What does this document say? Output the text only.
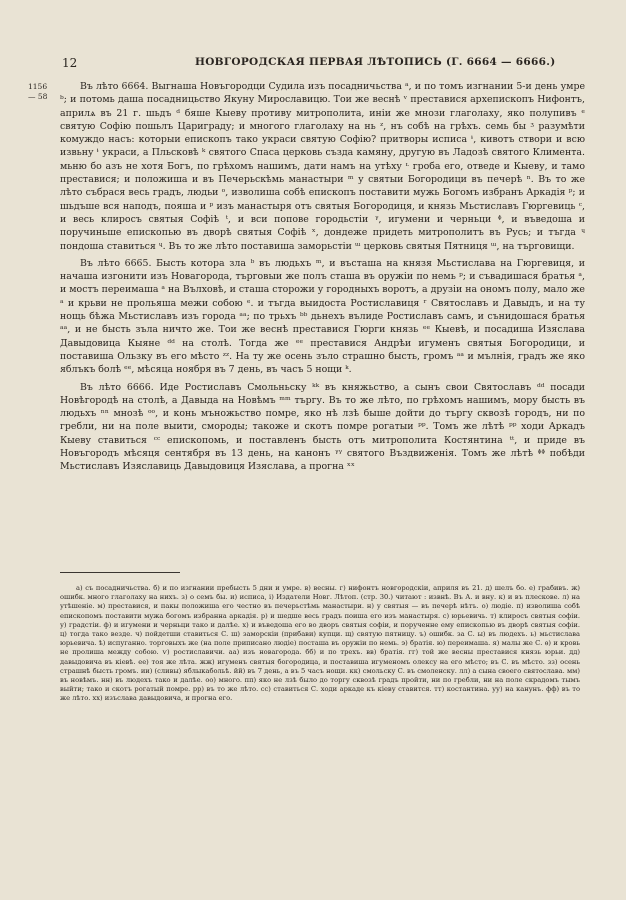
12	НОВГОРОДСКАЯ ПЕРВАЯ ЛѢТОПИСЬ (Г. 6664 — 6666.)
1156
— 58

Въ лѣто 6664. Выгнаша Новъгородци Судила изъ посадничьства ᵃ, и по томъ изгнании 5-и день умре ᵇ; и потомь даша посадницьство Якуну Мирославицю. Тои же веснѣ ᵛ преставися архепископъ Нифонтъ, априлѧ въ 21 г. шьдъ ᵈ бяше Кыеву противу митрополита, инiи же мнози глаголаху, яко полупивъ ᵉ святую Софiю пошьлъ Цариграду; и многого глаголаху на нь ᶻ, нъ собѣ на грѣхъ. семь бы ᶾ разумѣти комуждо насъ: которыи епископъ тако украси святую Софiю? притворы исписа ᶤ, кивотъ створи и всю извьну ᶤ украси, а Пльсковѣ ᵏ святого Спаса церковь създа камяну, другую въ Ладозѣ святого Климента. мьню бо азъ не хотя Богъ, по грѣхомъ нашимъ, дати намъ на утѣху ᶫ гроба его, отведе и Кыеву, и тамо преставися; и положиша и въ Печерьскѣмь манастыри ᵐ у святыи Богородици въ печерѣ ⁿ. Въ то же лѣто събрася весь градъ, людьи ᵒ, изволиша собѣ епископъ поставити мужь Богомъ избранъ Аркадiя ᵖ; и шьдъше вся наподъ, пояша и ᵖ изъ манастыря отъ святыя Богородиця, и князь Мьстиславъ Гюргевиць ᶜ, и весь клиросъ святыя Софiѣ ᵗ, и вси попове городьстiи ᵞ, игумени и черньци ᶲ, и въведоша и поручиньше епископью въ дворѣ святыя Софiѣ ˣ, дондеже придеть митрополитъ въ Русь; и тъгда ᶣ пондоша ставиться ᶣ. Въ то же лѣто поставиша заморьстiи ᵚ церковь святыя Пятниця ᵚ, на търговищи.

Въ лѣто 6665. Бысть котора зла ᵇ въ людьхъ ᵐ, и въсташа на князя Мьстислава на Гюргевиця, и начаша изгонити изъ Новагорода, търговыи же полъ сташа въ оружiи по немь ᵖ; и съвадишася братья ᵃ, и мостъ переимаша ᵃ на Вълховѣ, и сташа сторожи у городныхъ воротъ, а друзiи на ономъ полу, мало же ᵃ и крьви не прольяша межи собою ᵉ. и тъгда выидоста Ростиславиця ʳ Святославъ и Давыдъ, и на ту нощь бѣжа Мьстиславъ изъ города ᵃᵃ; по трьхъ ᵇᵇ дьнехъ вълиде Ростиславъ самъ, и сънидошася братья ᵃᵃ, и не бысть зъла ничто же. Тои же веснѣ преставися Гюрги князь ᵉᵉ Кыевѣ, и посадиша Изяслава Давыдовица Кыяне ᵈᵈ на столѣ. Тогда же ᵉᵉ преставися Андрѣи игуменъ святыя Богородици, и поставиша Ользку въ его мѣсто ᶻᶻ. На ту же осень зъло страшно бысть, громъ ᵃᵃ и мълнiя, градъ же яко яблъкъ болѣ ᵉᵉ, мѣсяца ноября въ 7 день, въ часъ 5 нощи ᵏ.

Въ лѣто 6666. Иде Ростиславъ Смольньску ᵏᵏ въ княжьство, а сынъ свои Святославъ ᵈᵈ посади Новѣгородѣ на столѣ, а Давыда на Новѣмъ ᵐᵐ търгу. Въ то же лѣто, по грѣхомъ нашимъ, мору бысть въ людьхъ ⁿⁿ мнозѣ ᵒᵒ, и конь мъножьство помре, яко нѣ лзѣ быше дойти до търгу сквозѣ городъ, ни по гребли, ни на поле выити, смороды; такоже и скотъ помре рогатыи ᵖᵖ. Томъ же лѣтѣ ᵖᵖ ходи Аркадъ Кыеву ставиться ᶜᶜ епископомь, и поставленъ бысть отъ митрополита Костянтина ᵗᵗ, и приде въ Новъгородъ мѣсяця сентября въ 13 день, на канонъ ᵞᵞ святого Въздвиженiя. Томъ же лѣтѣ ᶲᶲ побѣди Мьстиславъ Изяславиць Давыдовиця Изяслава, а прогна ˣˣ

а) съ посадничьства. б) и по изгнании пребысть 5 дни и умре. в) весны. г) нифонтъ новгородскiи, априля въ 21. д) шелъ бо. е) грабивъ. ж) ошибк. много глаголаху на нихъ. з) о семъ бы. и) исписа, i) Издатели Новг. Лѣтоп. (стр. 30.) читают : извнѣ. Въ А. и вну. к) и въ плескове. л) на утѣшенiе. м) преставися, и пакы положиша его честно въ печерьстѣмь манастыри. н) у святыя — въ печерѣ нѣтъ. о) людiе. п) изволиша собѣ епископомъ поставити мужа богомъ избранна аркадiя. р) и шедше весь градъ поиша его изъ манастыря. с) юрьевичь. т) клиросъ святыя софiи. у) градстiи. ф) и игумени и черньци тако и далѣе. х) и въведоша его во дворъ святыя софiи, и порученне ему епископью въ дворѣ святыя софiи. ц) тогда тако везде. ч) пойдетши ставиться С. ш) заморскiи (прибави) купци. щ) святую пятницу. ъ) ошибк. за С. ы) въ людехъ. ь) мьстислава юрьевича. ѣ) испуганно. торговыхъ же (на поле приписано людiе) посташа въ оружiи по немь. э) братiя. ю) переимаша. я) малы же С. ѳ) и кровь не пролиша между собою. ѵ) ростиславичи. аа) изъ новагорода. бб) и по трехъ. вв) братiя. гг) той же весны преставися князь юрьи. дд) давыдовича въ кiевѣ. ее) тоя же лѣта. жж) игуменъ святыя богородица, и поставиша игуменомъ олексу на его мѣсто; въ С. въ мѣсто. зз) осень страшнѣ бысть громъ. ии) (сливы) яблыкабольѣ. йй) въ 7 день, а въ 5 часъ нощи. кк) смольску С. въ смоленску. лл) а сына своего святослава. мм) въ новѣмъ. нн) въ людехъ тако и далѣе. оо) много. пп) яко не лзѣ было до торгу сквозѣ градъ пройти, ни по гребли, ни на поле скрадомъ тымъ выйти; тако и скотъ рогатый помре. рр) въ то же лѣто. сс) ставиться С. ходи аркаде къ кiеву ставится. тт) костантина. уу) на канунъ. фф) въ то же лѣто. хх) изъслава давыдовича, и прогна его.
